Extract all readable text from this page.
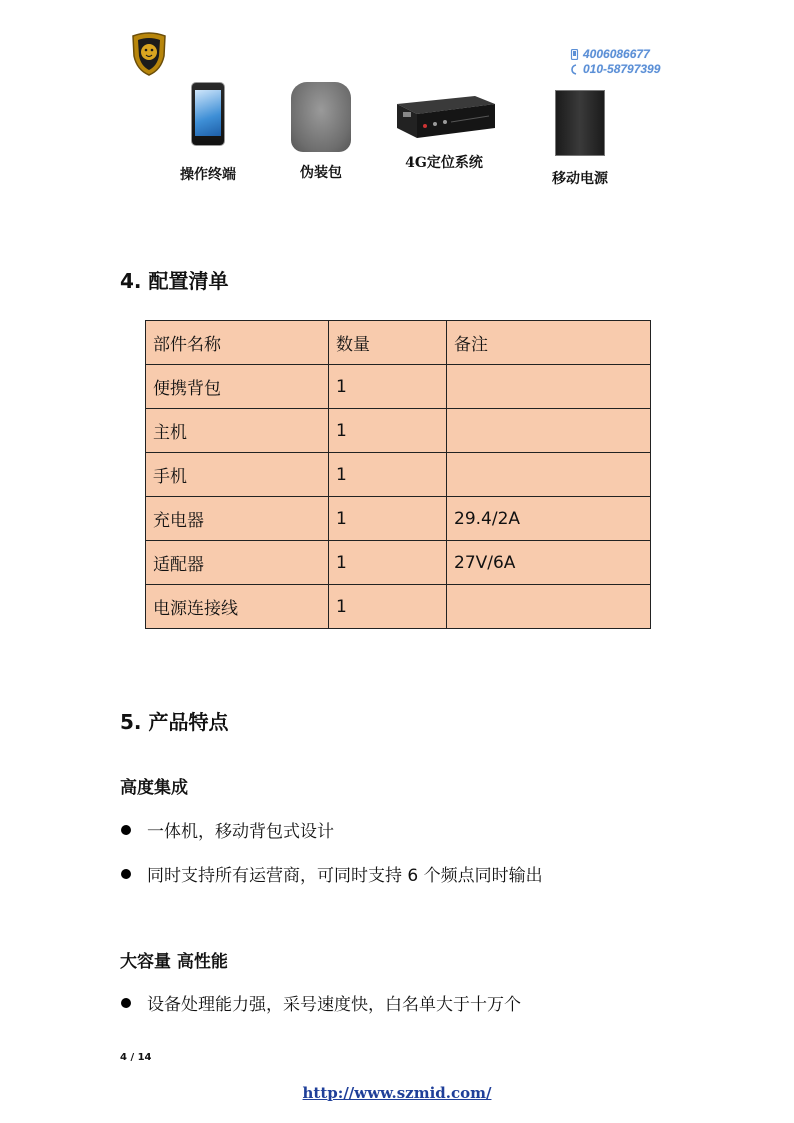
4006086677
010-58797399
操作终端	伪装包
4G定位系统
移动电源
4. 配置清单
部件名称	数量	备注
便携背包	1	
主机	1	
手机	1	
充电器	1	29.4/2A
适配器	1	27V/6A
电源连接线	1	
5. 产品特点
高度集成
一体机，移动背包式设计
同时支持所有运营商，可同时支持 6 个频点同时输出
大容量 高性能
设备处理能力强，采号速度快，白名单大于十万个
4 / 14
http://www.szmid.com/
